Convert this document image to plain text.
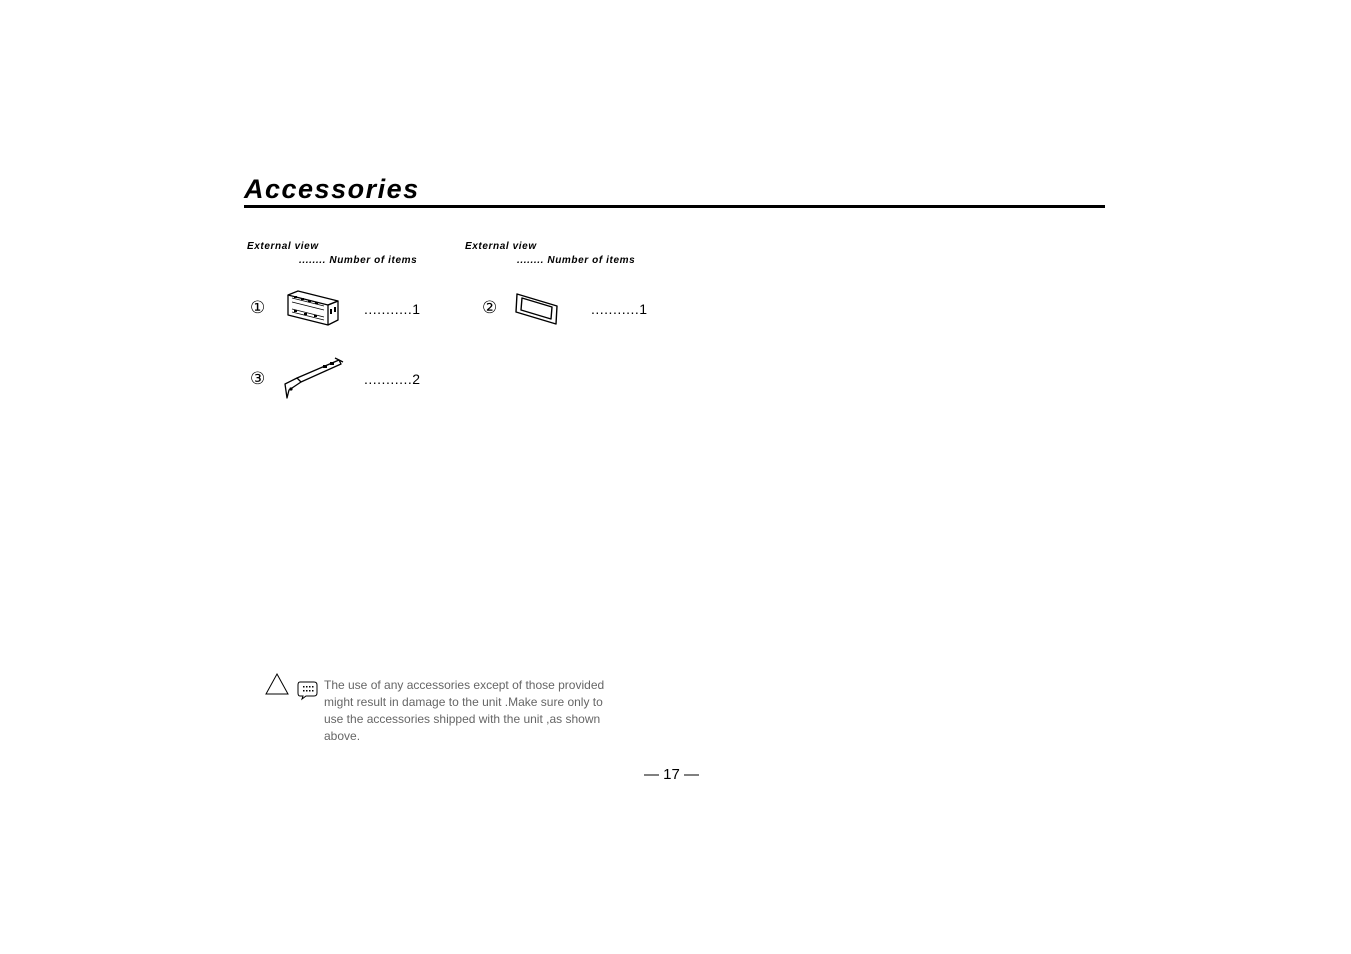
Accessories
External view
........ Number of items
External view
........ Number of items
①	...........1	②	...........1
③	...........2
The use of any accessories except of those provided
might result in damage to the unit .Make sure only to
use the accessories shipped with the unit ,as shown
above.
— 17 —
